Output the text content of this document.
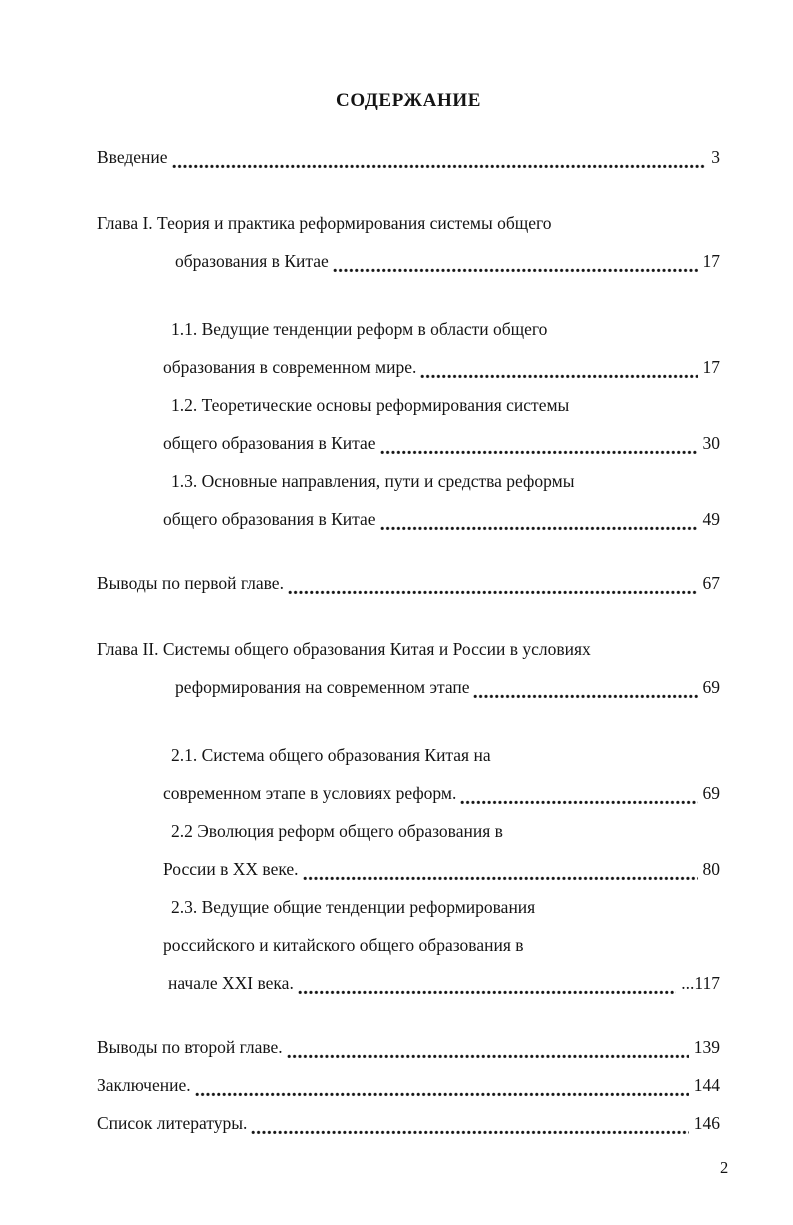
СОДЕРЖАНИЕ
Введение	3
Глава I. Теория и практика реформирования системы общего
образования в Китае	17
1.1. Ведущие тенденции реформ в области общего
образования в современном мире.	17
1.2. Теоретические основы реформирования системы
общего образования в Китае	30
1.3. Основные направления, пути и средства реформы
общего образования в Китае	49
Выводы по первой главе.	67
Глава II. Системы общего образования Китая и России в условиях
реформирования на современном этапе	69
2.1. Система общего образования Китая на
современном этапе в условиях реформ.	69
2.2 Эволюция реформ общего образования в
России в XX веке.	80
2.3. Ведущие общие тенденции реформирования
российского и китайского общего образования в
начале XXI века.	...117
Выводы по второй главе.	139
Заключение.	144
Список литературы.	146
2
